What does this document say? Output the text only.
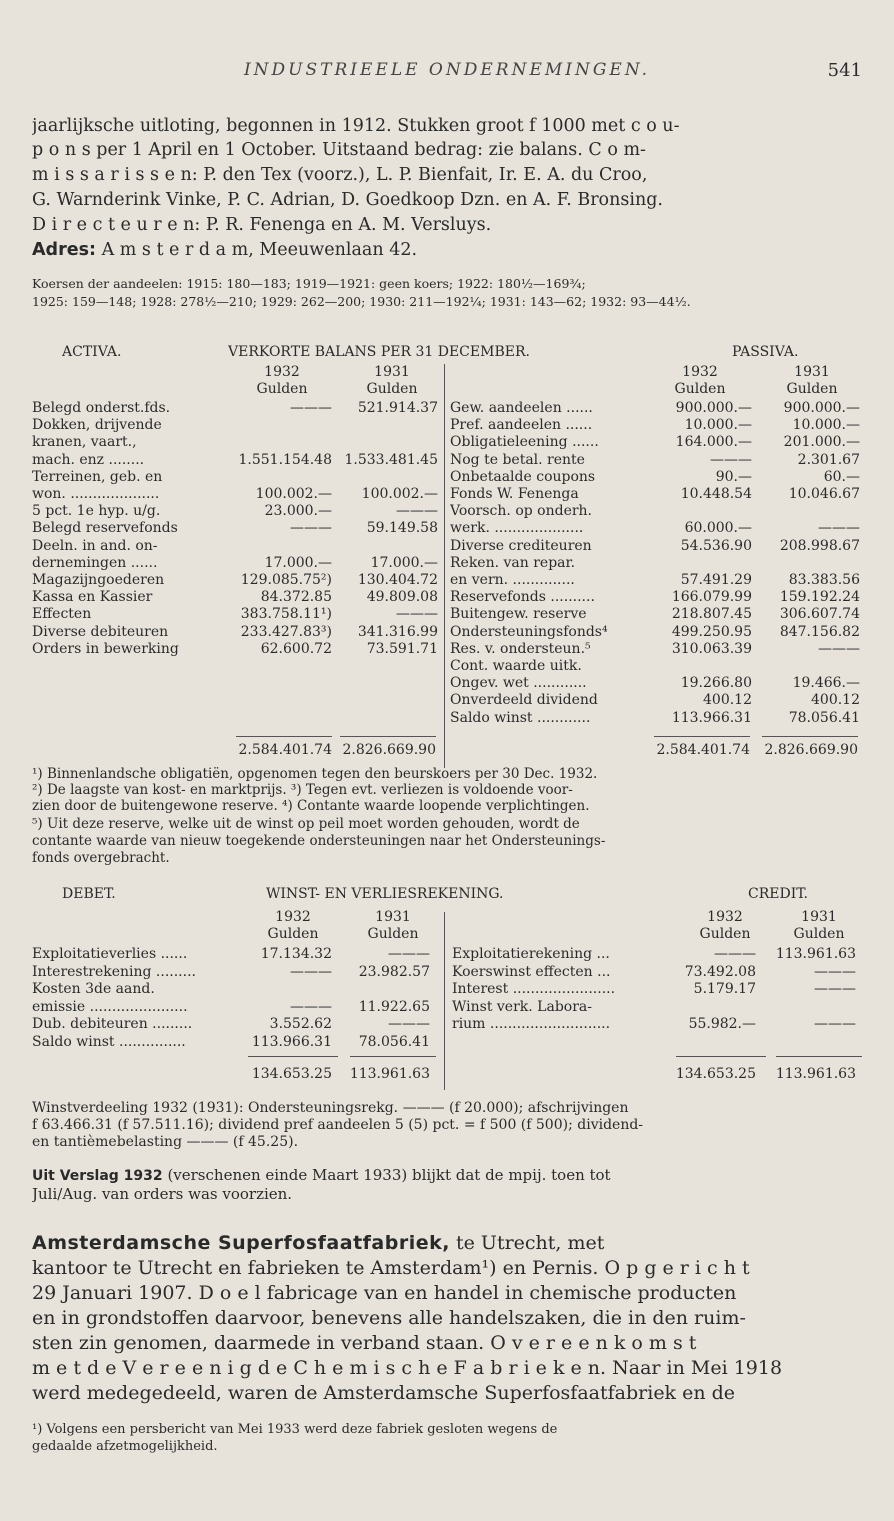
INDUSTRIEELE ONDERNEMINGEN.	541
jaarlijksche uitloting, begonnen in 1912. Stukken groot f 1000 met c o u-
p o n s per 1 April en 1 October. Uitstaand bedrag: zie balans. C o m-
m i s s a r i s s e n: P. den Tex (voorz.), L. P. Bienfait, Ir. E. A. du Croo,
G. Warnderink Vinke, P. C. Adrian, D. Goedkoop Dzn. en A. F. Bronsing.
D i r e c t e u r e n: P. R. Fenenga en A. M. Versluys.
Adres: A m s t e r d a m, Meeuwenlaan 42.
Koersen der aandeelen: 1915: 180—183; 1919—1921: geen koers; 1922: 180½—169¾;
1925: 159—148; 1928: 278½—210; 1929: 262—200; 1930: 211—192¼; 1931: 143—62; 1932: 93—44½.
ACTIVA.	VERKORTE BALANS PER 31 DECEMBER.	PASSIVA.
1932	1931
Gulden	Gulden
1932	1931
Gulden	Gulden
Belegd onderst.fds.	———	521.914.37
Dokken, drijvende
kranen, vaart.,
mach. enz ........	1.551.154.48 1.533.481.45
Terreinen, geb. en
won. ....................	100.002.—	100.002.—
5 pct. 1e hyp. u/g.	23.000.—	———
Belegd reservefonds	———	59.149.58
Deeln. in and. on-
dernemingen ......	17.000.—	17.000.—
Magazijngoederen	129.085.75²)	130.404.72
Kassa en Kassier	84.372.85	49.809.08
Effecten	383.758.11¹)	———
Diverse debiteuren	233.427.83³)	341.316.99
Orders in bewerking	62.600.72	73.591.71
Gew. aandeelen ......	900.000.—	900.000.—
Pref. aandeelen ......	10.000.—	10.000.—
Obligatieleening ......	164.000.—	201.000.—
Nog te betal. rente	———	2.301.67
Onbetaalde coupons	90.—	60.—
Fonds W. Fenenga	10.448.54	10.046.67
Voorsch. op onderh.
werk. ....................	60.000.—	———
Diverse crediteuren	54.536.90	208.998.67
Reken. van repar.
en vern. ..............	57.491.29	83.383.56
Reservefonds ..........	166.079.99	159.192.24
Buitengew. reserve	218.807.45	306.607.74
Ondersteuningsfonds⁴	499.250.95	847.156.82
Res. v. ondersteun.⁵	310.063.39	———
Cont. waarde uitk.
Ongev. wet ............	19.266.80	19.466.—
Onverdeeld dividend	400.12	400.12
Saldo winst ............	113.966.31	78.056.41
2.584.401.74 2.826.669.90	2.584.401.74	2.826.669.90
¹) Binnenlandsche obligatiën, opgenomen tegen den beurskoers per 30 Dec. 1932.
²) De laagste van kost- en marktprijs. ³) Tegen evt. verliezen is voldoende voor-
zien door de buitengewone reserve. ⁴) Contante waarde loopende verplichtingen.
⁵) Uit deze reserve, welke uit de winst op peil moet worden gehouden, wordt de
contante waarde van nieuw toegekende ondersteuningen naar het Ondersteunings-
fonds overgebracht.
DEBET.	WINST- EN VERLIESREKENING.	CREDIT.
1932	1931
Gulden	Gulden
1932	1931
Gulden	Gulden
Exploitatieverlies ......	17.134.32	———
Interestrekening .........	———	23.982.57
Kosten 3de aand.
emissie ......................	———	11.922.65
Dub. debiteuren .........	3.552.62	———
Saldo winst ...............	113.966.31	78.056.41
Exploitatierekening ...	———	113.961.63
Koerswinst effecten ...	73.492.08	———
Interest .......................	5.179.17	———
Winst verk. Labora-
rium ...........................	55.982.—	———
134.653.25	113.961.63	134.653.25	113.961.63
Winstverdeeling 1932 (1931): Ondersteuningsrekg. ——— (f 20.000); afschrijvingen
f 63.466.31 (f 57.511.16); dividend pref aandeelen 5 (5) pct. = f 500 (f 500); dividend-
en tantièmebelasting ——— (f 45.25).
Uit Verslag 1932 (verschenen einde Maart 1933) blijkt dat de mpij. toen tot
Juli/Aug. van orders was voorzien.
Amsterdamsche Superfosfaatfabriek, te Utrecht, met
kantoor te Utrecht en fabrieken te Amsterdam¹) en Pernis. O p g e r i c h t
29 Januari 1907. D o e l fabricage van en handel in chemische producten
en in grondstoffen daarvoor, benevens alle handelszaken, die in den ruim-
sten zin genomen, daarmede in verband staan. O v e r e e n k o m s t
m e t d e V e r e e n i g d e C h e m i s c h e F a b r i e k e n. Naar in Mei 1918
werd medegedeeld, waren de Amsterdamsche Superfosfaatfabriek en de
¹) Volgens een persbericht van Mei 1933 werd deze fabriek gesloten wegens de
gedaalde afzetmogelijkheid.
